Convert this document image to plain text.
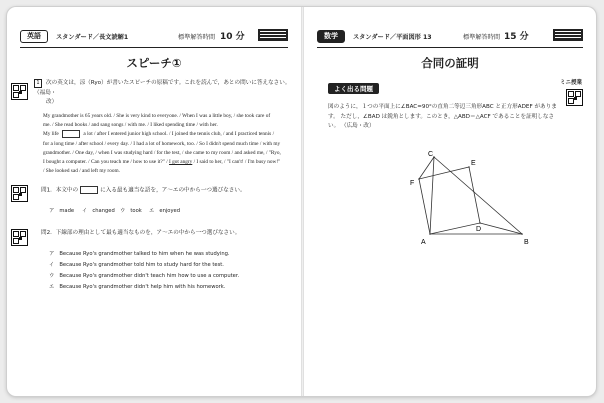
英語	スタンダード／長文読解1	標準解答時間 10 分
スピーチ①
1 次の英文は，涼（Ryo）が書いたスピーチの原稿です。これを読んで，あとの問いに答えなさい。（福島・
改）
My grandmother is 65 years old. / She is very kind to everyone. / When I was a little boy, / she took care of
me. / She read books / and sang songs / with me. / I liked spending time / with her.
My life	a lot / after I entered junior high school. / I joined the tennis club, / and I practiced tennis /
for a long time / after school / every day. / I had a lot of homework, too. / So I didn't spend much time / with my
grandmother. / One day, / when I was studying hard / for the test, / she came to my room / and asked me, / "Ryo,
I bought a computer. / Can you teach me / how to use it?" / I got angry / I said to her, / "I can't! / I'm busy now!"
/ She looked sad / and left my room.
問1．本文中の	に入る最も適当な語を，ア〜エの中から一つ選びなさい。
ア　made イ　changed ウ　took エ　enjoyed
問2．下線部の理由として最も適当なものを，ア〜エの中から一つ選びなさい。
ア　Because Ryo's grandmother talked to him when he was studying.
イ　Because Ryo's grandmother told him to study hard for the test.
ウ　Because Ryo's grandmother didn't teach him how to use a computer.
エ　Because Ryo's grandmother didn't help him with his homework.
数学	スタンダード／平面図形 13	標準解答時間 15 分
合同の証明
よく出る問題
ミニ授業
図のように，１つの平面上に∠BAC=90°の直角二等辺三角形ABC と正方形ADEF があります。 ただし，∠BAD は鋭角とします。このとき，△ABD＝△ACF であることを証明しなさい。 （広島・改）
A	B
C
D
E
F
